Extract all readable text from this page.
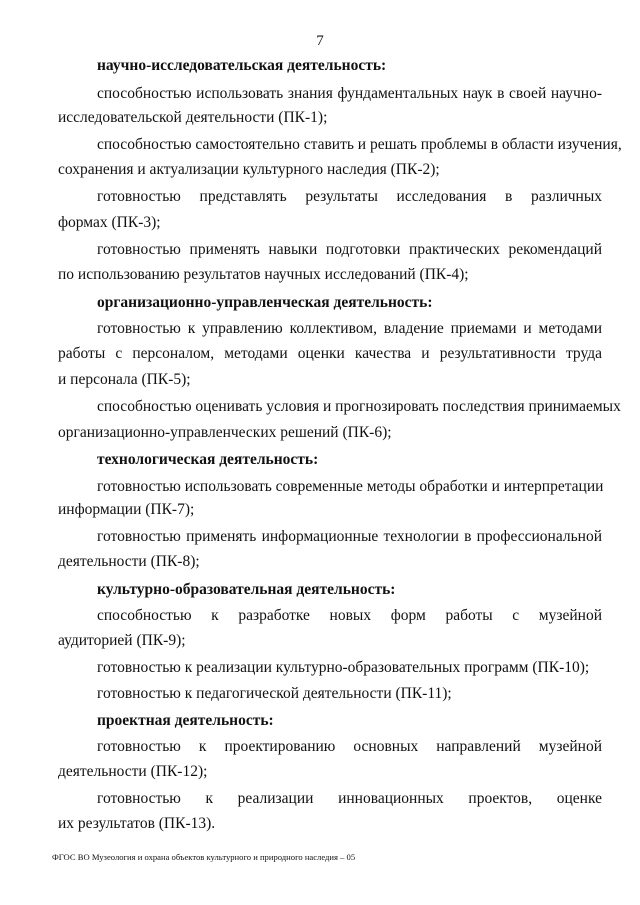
7
научно-исследовательская деятельность:
способностью использовать знания фундаментальных наук в своей научно-
исследовательской деятельности (ПК-1);
способностью самостоятельно ставить и решать проблемы в области изучения,
сохранения и актуализации культурного наследия (ПК-2);
готовностью представлять результаты исследования в различных
формах (ПК-3);
готовностью применять навыки подготовки практических рекомендаций
по использованию результатов научных исследований (ПК-4);
организационно-управленческая деятельность:
готовностью к управлению коллективом, владение приемами и методами
работы с персоналом, методами оценки качества и результативности труда
и персонала (ПК-5);
способностью оценивать условия и прогнозировать последствия принимаемых
организационно-управленческих решений (ПК-6);
технологическая деятельность:
готовностью использовать современные методы обработки и интерпретации
информации (ПК-7);
готовностью применять информационные технологии в профессиональной
деятельности (ПК-8);
культурно-образовательная деятельность:
способностью к разработке новых форм работы с музейной
аудиторией (ПК-9);
готовностью к реализации культурно-образовательных программ (ПК-10);
готовностью к педагогической деятельности (ПК-11);
проектная деятельность:
готовностью к проектированию основных направлений музейной
деятельности (ПК-12);
готовностью к реализации инновационных проектов, оценке
их результатов (ПК-13).
ФГОС ВО Музеология и охрана объектов культурного и природного наследия – 05
